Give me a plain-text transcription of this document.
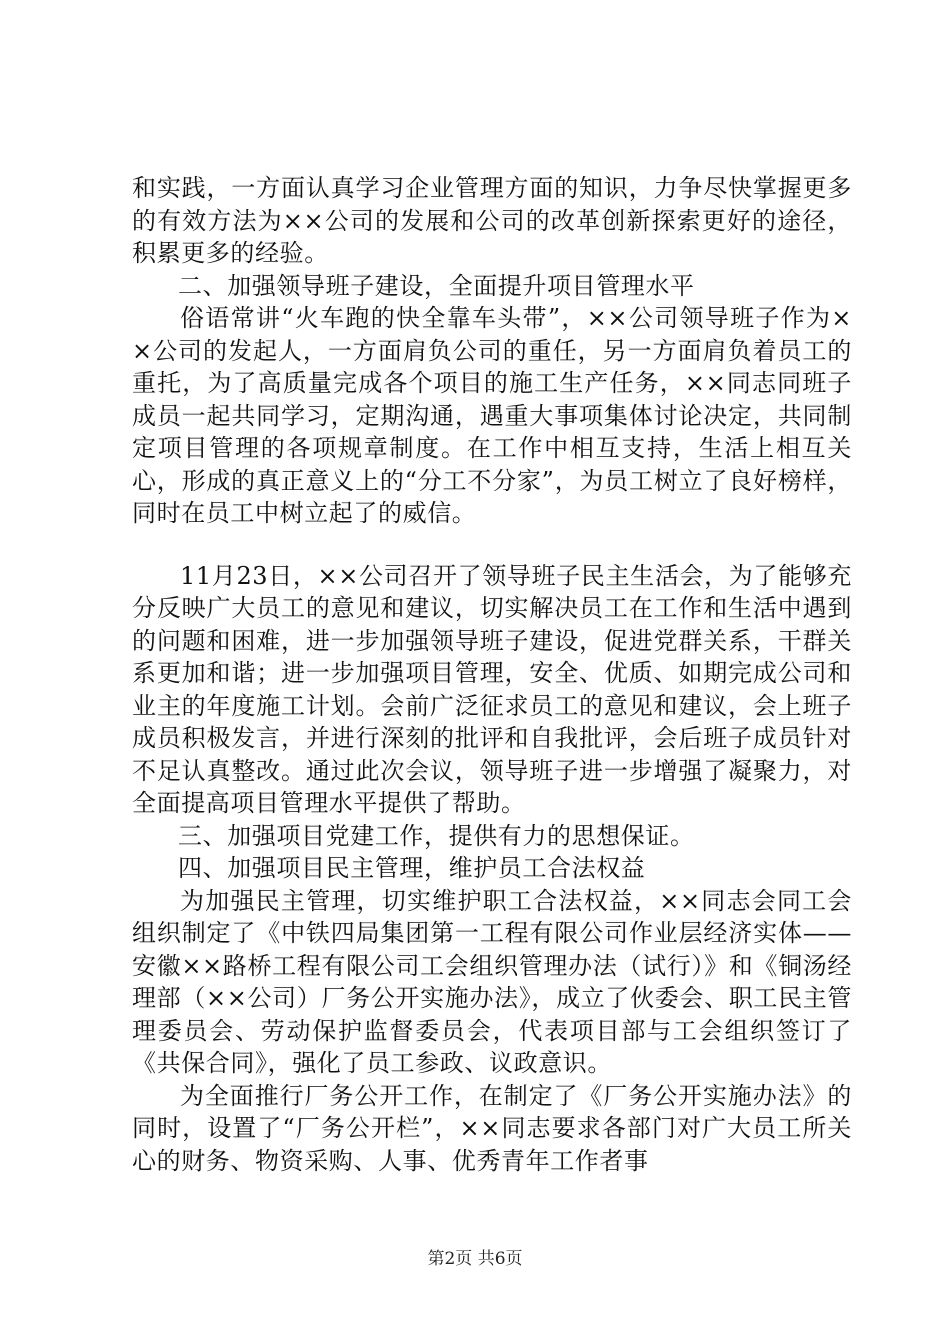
和实践，一方面认真学习企业管理方面的知识，力争尽快掌握更多的有效方法为××公司的发展和公司的改革创新探索更好的途径，积累更多的经验。

二、加强领导班子建设，全面提升项目管理水平

俗语常讲“火车跑的快全靠车头带”，××公司领导班子作为××公司的发起人，一方面肩负公司的重任，另一方面肩负着员工的重托，为了高质量完成各个项目的施工生产任务，××同志同班子成员一起共同学习，定期沟通，遇重大事项集体讨论决定，共同制定项目管理的各项规章制度。在工作中相互支持，生活上相互关心，形成的真正意义上的“分工不分家”，为员工树立了良好榜样，同时在员工中树立起了的威信。

11月23日，××公司召开了领导班子民主生活会，为了能够充分反映广大员工的意见和建议，切实解决员工在工作和生活中遇到的问题和困难，进一步加强领导班子建设，促进党群关系，干群关系更加和谐；进一步加强项目管理，安全、优质、如期完成公司和业主的年度施工计划。会前广泛征求员工的意见和建议，会上班子成员积极发言，并进行深刻的批评和自我批评，会后班子成员针对不足认真整改。通过此次会议，领导班子进一步增强了凝聚力，对全面提高项目管理水平提供了帮助。

三、加强项目党建工作，提供有力的思想保证。

四、加强项目民主管理，维护员工合法权益

为加强民主管理，切实维护职工合法权益，××同志会同工会组织制定了《中铁四局集团第一工程有限公司作业层经济实体——安徽××路桥工程有限公司工会组织管理办法（试行）》和《铜汤经理部（××公司）厂务公开实施办法》，成立了伙委会、职工民主管理委员会、劳动保护监督委员会，代表项目部与工会组织签订了《共保合同》，强化了员工参政、议政意识。

为全面推行厂务公开工作，在制定了《厂务公开实施办法》的同时，设置了“厂务公开栏”，××同志要求各部门对广大员工所关心的财务、物资采购、人事、优秀青年工作者事

第2页 共6页
